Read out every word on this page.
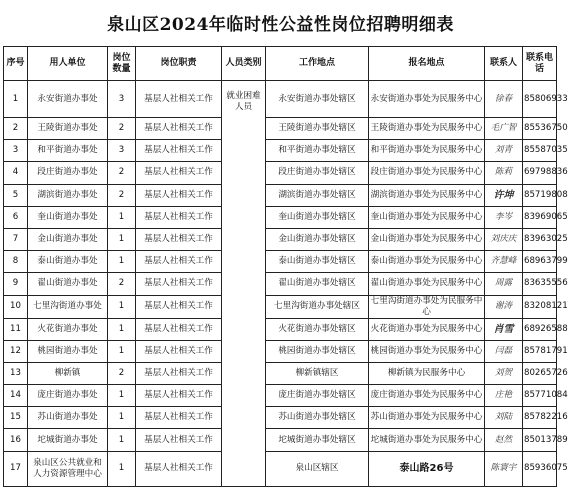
泉山区2024年临时性公益性岗位招聘明细表
序号	用人单位	岗位数量	岗位职责	人员类别	工作地点	报名地点	联系人	联系电话
1	永安街道办事处	3	基层人社相关工作	就业困难人员	永安街道办事处辖区	永安街道办事处为民服务中心	徐春	85806933
2	王陵街道办事处	2	基层人社相关工作		王陵街道办事处辖区	王陵街道办事处为民服务中心	毛广智	85536750
3	和平街道办事处	3	基层人社相关工作		和平街道办事处辖区	和平街道办事处为民服务中心	刘青	85587035
4	段庄街道办事处	2	基层人社相关工作		段庄街道办事处辖区	段庄街道办事处为民服务中心	陈莉	69798836
5	湖滨街道办事处	2	基层人社相关工作		湖滨街道办事处辖区	湖滨街道办事处为民服务中心	许坤	85719808
6	奎山街道办事处	1	基层人社相关工作		奎山街道办事处辖区	奎山街道办事处为民服务中心	李岑	83969065
7	金山街道办事处	1	基层人社相关工作		金山街道办事处辖区	金山街道办事处为民服务中心	刘庆庆	83963025
8	泰山街道办事处	1	基层人社相关工作		泰山街道办事处辖区	泰山街道办事处为民服务中心	齐慧峰	68963799
9	翟山街道办事处	2	基层人社相关工作		翟山街道办事处辖区	翟山街道办事处为民服务中心	周露	83635556
10	七里沟街道办事处	1	基层人社相关工作		七里沟街道办事处辖区	七里沟街道办事处为民服务中心	谢涛	83208121
11	火花街道办事处	1	基层人社相关工作		火花街道办事处辖区	火花街道办事处为民服务中心	肖雪	68926588
12	桃园街道办事处	1	基层人社相关工作		桃园街道办事处辖区	桃园街道办事处为民服务中心	闫磊	85781791
13	柳新镇	2	基层人社相关工作		柳新镇辖区	柳新镇为民服务中心	刘贺	80265726
14	庞庄街道办事处	1	基层人社相关工作		庞庄街道办事处辖区	庞庄街道办事处为民服务中心	庄艳	85771084
15	苏山街道办事处	1	基层人社相关工作		苏山街道办事处辖区	苏山街道办事处为民服务中心	刘陆	85782216
16	坨城街道办事处	1	基层人社相关工作		坨城街道办事处辖区	坨城街道办事处为民服务中心	赵然	85013789
17	泉山区公共就业和人力资源管理中心	1	基层人社相关工作		泉山区辖区	泰山路26号	陈寰宇	85936075
